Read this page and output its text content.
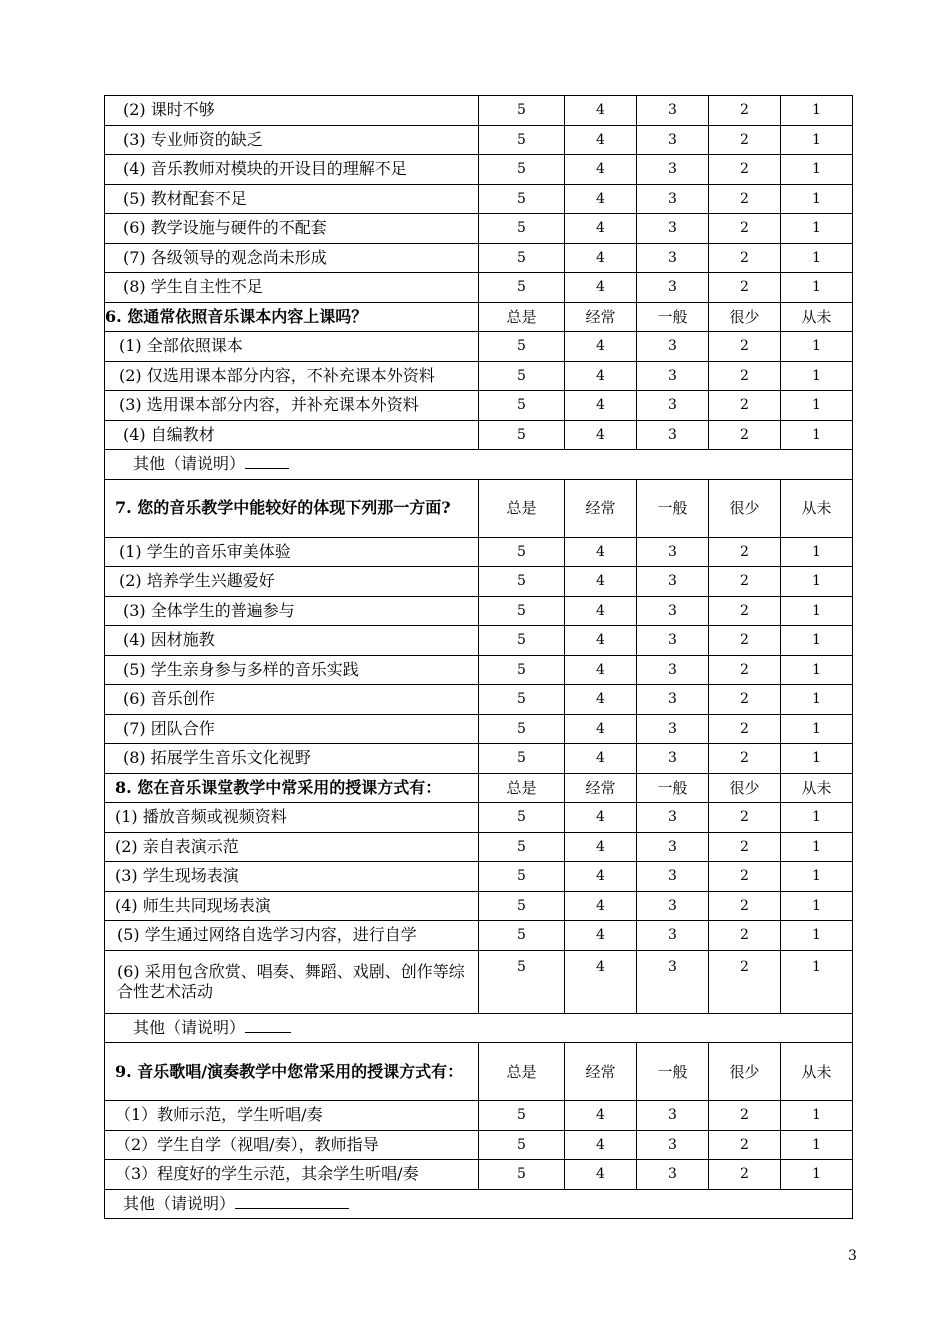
(2) 课时不够	5	4	3	2	1
(3) 专业师资的缺乏	5	4	3	2	1
(4) 音乐教师对模块的开设目的理解不足	5	4	3	2	1
(5) 教材配套不足	5	4	3	2	1
(6) 教学设施与硬件的不配套	5	4	3	2	1
(7) 各级领导的观念尚未形成	5	4	3	2	1
(8) 学生自主性不足	5	4	3	2	1
6. 您通常依照音乐课本内容上课吗？	总是	经常	一般	很少	从未
(1) 全部依照课本	5	4	3	2	1
(2) 仅选用课本部分内容，不补充课本外资料	5	4	3	2	1
(3) 选用课本部分内容，并补充课本外资料	5	4	3	2	1
(4) 自编教材	5	4	3	2	1
其他（请说明）					
7. 您的音乐教学中能较好的体现下列那一方面?	总是	经常	一般	很少	从未
(1) 学生的音乐审美体验	5	4	3	2	1
(2) 培养学生兴趣爱好	5	4	3	2	1
(3) 全体学生的普遍参与	5	4	3	2	1
(4) 因材施教	5	4	3	2	1
(5) 学生亲身参与多样的音乐实践	5	4	3	2	1
(6) 音乐创作	5	4	3	2	1
(7) 团队合作	5	4	3	2	1
(8) 拓展学生音乐文化视野	5	4	3	2	1
8. 您在音乐课堂教学中常采用的授课方式有：	总是	经常	一般	很少	从未
(1) 播放音频或视频资料	5	4	3	2	1
(2) 亲自表演示范	5	4	3	2	1
(3) 学生现场表演	5	4	3	2	1
(4) 师生共同现场表演	5	4	3	2	1
(5) 学生通过网络自选学习内容，进行自学	5	4	3	2	1
(6) 采用包含欣赏、唱奏、舞蹈、戏剧、创作等综合性艺术活动	5	4	3	2	1
其他（请说明）					
9. 音乐歌唱/演奏教学中您常采用的授课方式有：	总是	经常	一般	很少	从未
（1）教师示范，学生听唱/奏	5	4	3	2	1
（2）学生自学（视唱/奏），教师指导	5	4	3	2	1
（3）程度好的学生示范，其余学生听唱/奏	5	4	3	2	1
其他（请说明）					
3
